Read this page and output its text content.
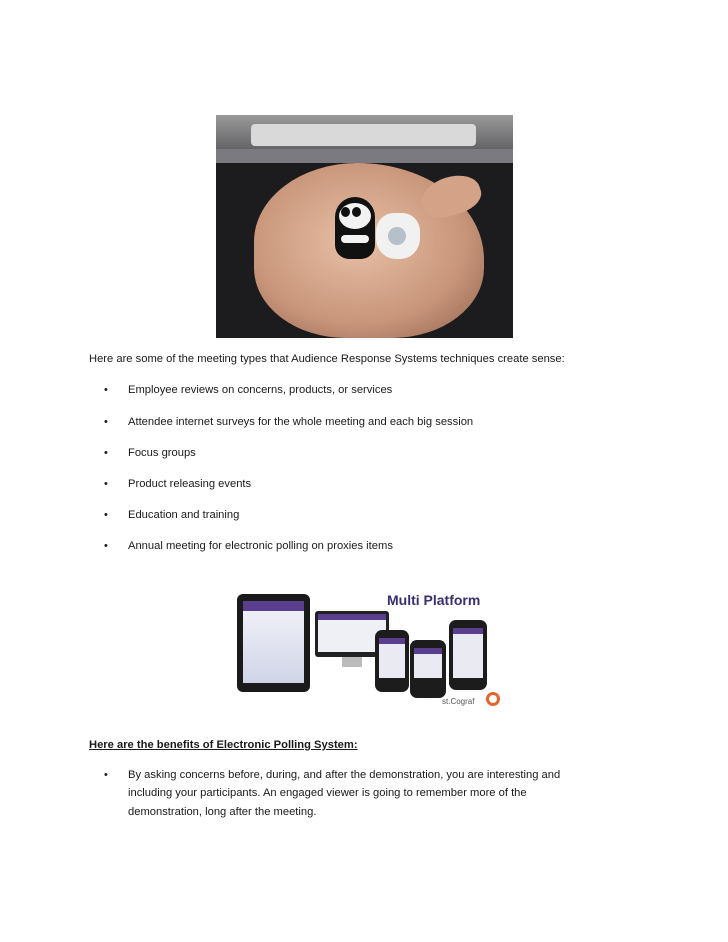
Here are some of the meeting types that Audience Response Systems techniques create sense:
• Employee reviews on concerns, products, or services
• Attendee internet surveys for the whole meeting and each big session
• Focus groups
• Product releasing events
• Education and training
• Annual meeting for electronic polling on proxies items
Multi Platform
st.Cograf
Here are the benefits of Electronic Polling System:
• By asking concerns before, during, and after the demonstration, you are interesting and
including your participants. An engaged viewer is going to remember more of the
demonstration, long after the meeting.
